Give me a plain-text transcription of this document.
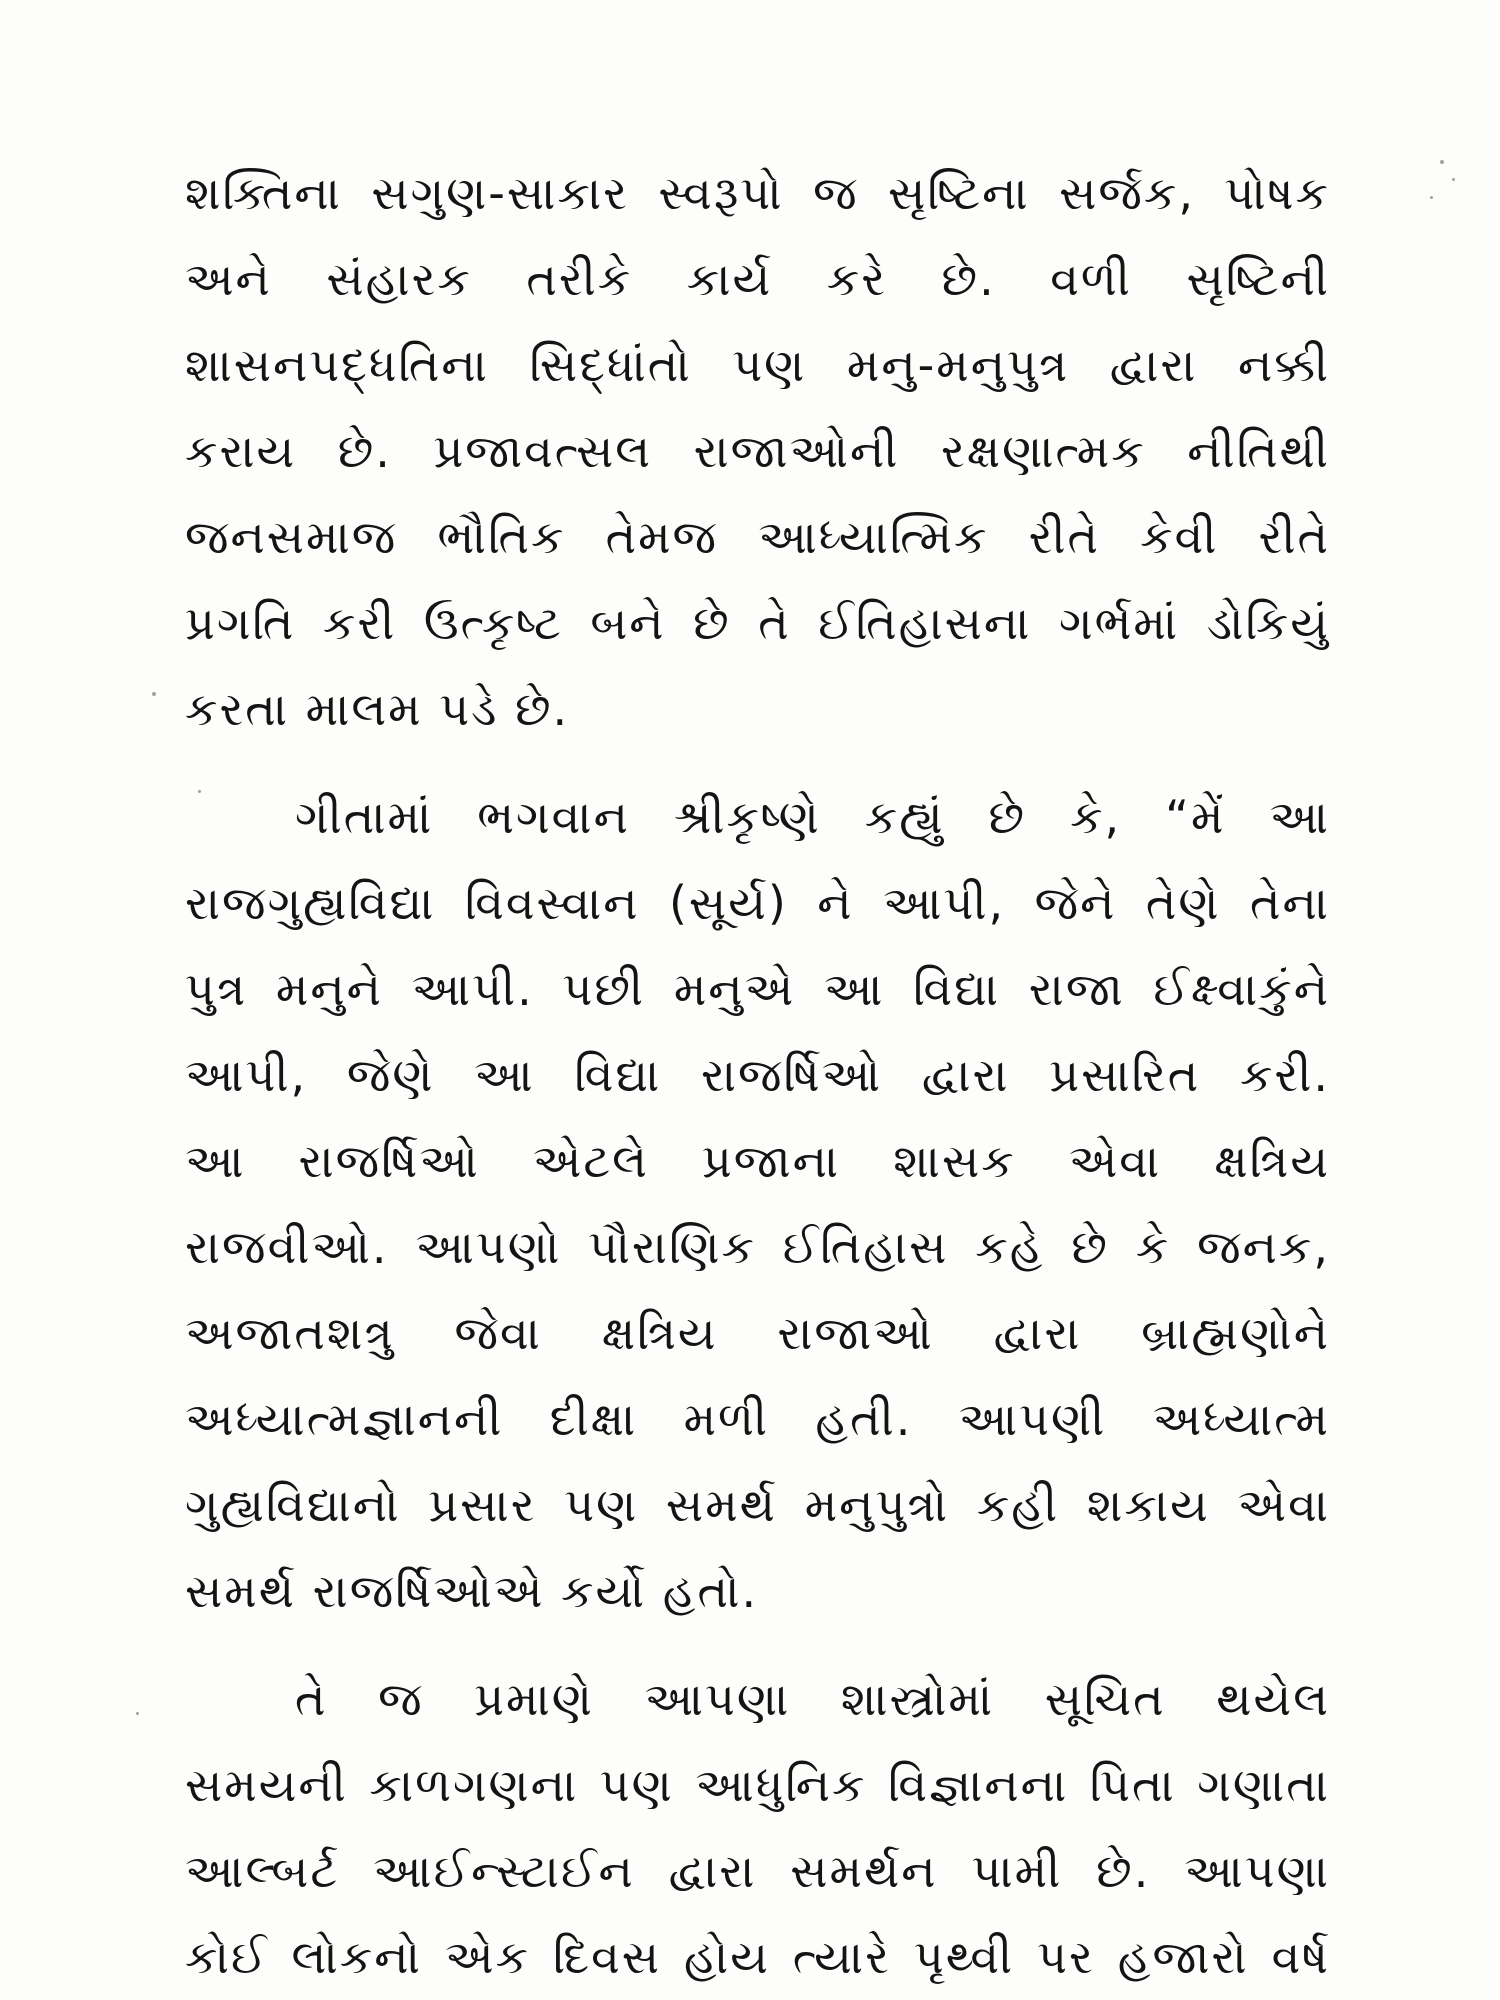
શક્તિના સગુણ-સાકાર સ્વરૂપો જ સૃષ્ટિના સર્જક, પોષક
અને સંહારક તરીકે કાર્ય કરે છે. વળી સૃષ્ટિની
શાસનપદ્ધતિના સિદ્ધાંતો પણ મનુ-મનુપુત્ર દ્વારા નક્કી
કરાય છે. પ્રજાવત્સલ રાજાઓની રક્ષણાત્મક નીતિથી
જનસમાજ ભૌતિક તેમજ આધ્યાત્મિક રીતે કેવી રીતે
પ્રગતિ કરી ઉત્કૃષ્ટ બને છે તે ઈતિહાસના ગર્ભમાં ડોકિયું
કરતા માલમ પડે છે.
ગીતામાં ભગવાન શ્રીકૃષ્ણે કહ્યું છે કે, “મેં આ
રાજગુહ્યવિદ્યા વિવસ્વાન (સૂર્ય) ને આપી, જેને તેણે તેના
પુત્ર મનુને આપી. પછી મનુએ આ વિદ્યા રાજા ઈક્ષ્વાકુંને
આપી, જેણે આ વિદ્યા રાજર્ષિઓ દ્વારા પ્રસારિત કરી.
આ રાજર્ષિઓ એટલે પ્રજાના શાસક એવા ક્ષત્રિય
રાજવીઓ. આપણો પૌરાણિક ઈતિહાસ કહે છે કે જનક,
અજાતશત્રુ જેવા ક્ષત્રિય રાજાઓ દ્વારા બ્રાહ્મણોને
અધ્યાત્મજ્ઞાનની દીક્ષા મળી હતી. આપણી અધ્યાત્મ
ગુહ્યવિદ્યાનો પ્રસાર પણ સમર્થ મનુપુત્રો કહી શકાય એવા
સમર્થ રાજર્ષિઓએ કર્યો હતો.
તે જ પ્રમાણે આપણા શાસ્ત્રોમાં સૂચિત થયેલ
સમયની કાળગણના પણ આધુનિક વિજ્ઞાનના પિતા ગણાતા
આલ્બર્ટ આઈન્સ્ટાઈન દ્વારા સમર્થન પામી છે. આપણા
કોઈ લોકનો એક દિવસ હોય ત્યારે પૃથ્વી પર હજારો વર્ષ
